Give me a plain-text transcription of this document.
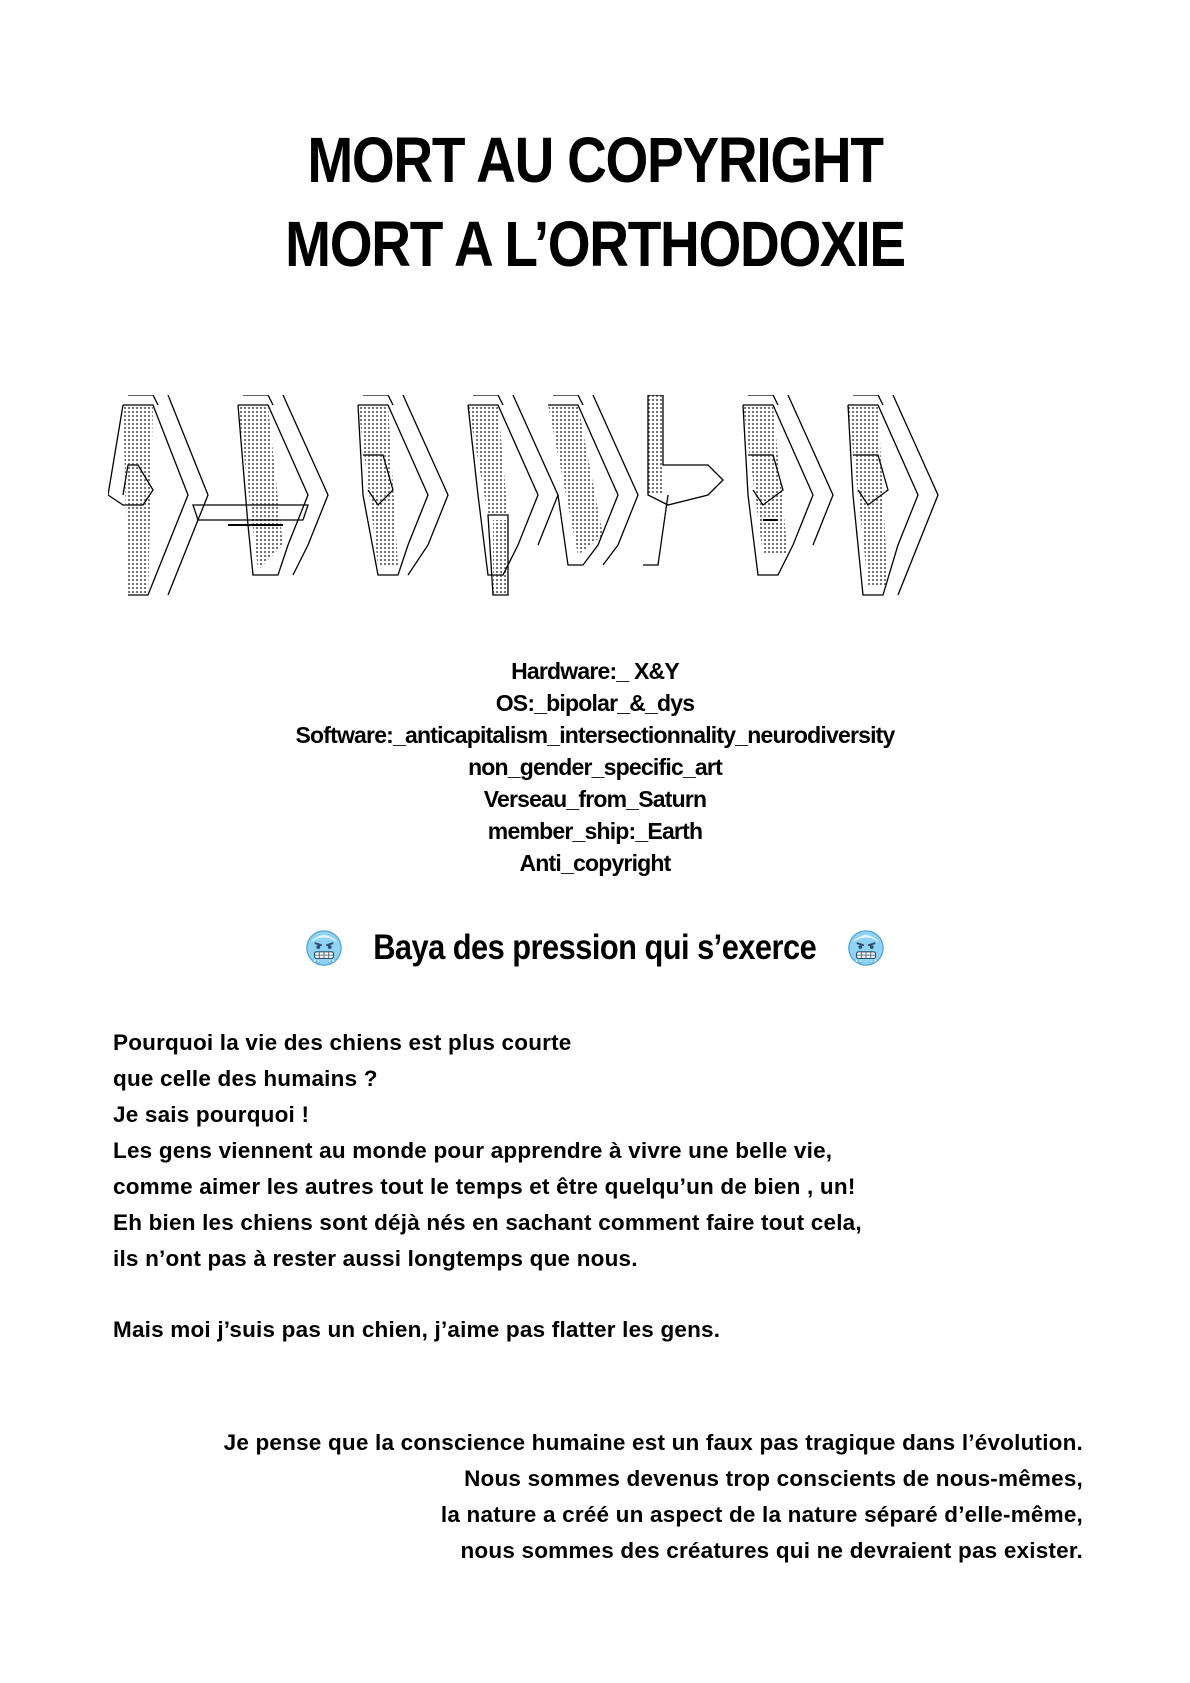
MORT AU COPYRIGHT
MORT A L’ORTHODOXIE
Hardware:_ X&Y
OS:_bipolar_&_dys
Software:_anticapitalism_intersectionnality_neurodiversity
non_gender_specific_art
Verseau_from_Saturn
member_ship:_Earth
Anti_copyright
Baya des pression qui s’exerce
Pourquoi la vie des chiens est plus courte
que celle des humains ?
Je sais pourquoi !
Les gens viennent au monde pour apprendre à vivre une belle vie,
comme aimer les autres tout le temps et être quelqu’un de bien , un!
Eh bien les chiens sont déjà nés en sachant comment faire tout cela,
ils n’ont pas à rester aussi longtemps que nous.
Mais moi j’suis pas un chien, j’aime pas flatter les gens.
Je pense que la conscience humaine est un faux pas tragique dans l’évolution.
Nous sommes devenus trop conscients de nous-mêmes,
la nature a créé un aspect de la nature séparé d’elle-même,
nous sommes des créatures qui ne devraient pas exister.
